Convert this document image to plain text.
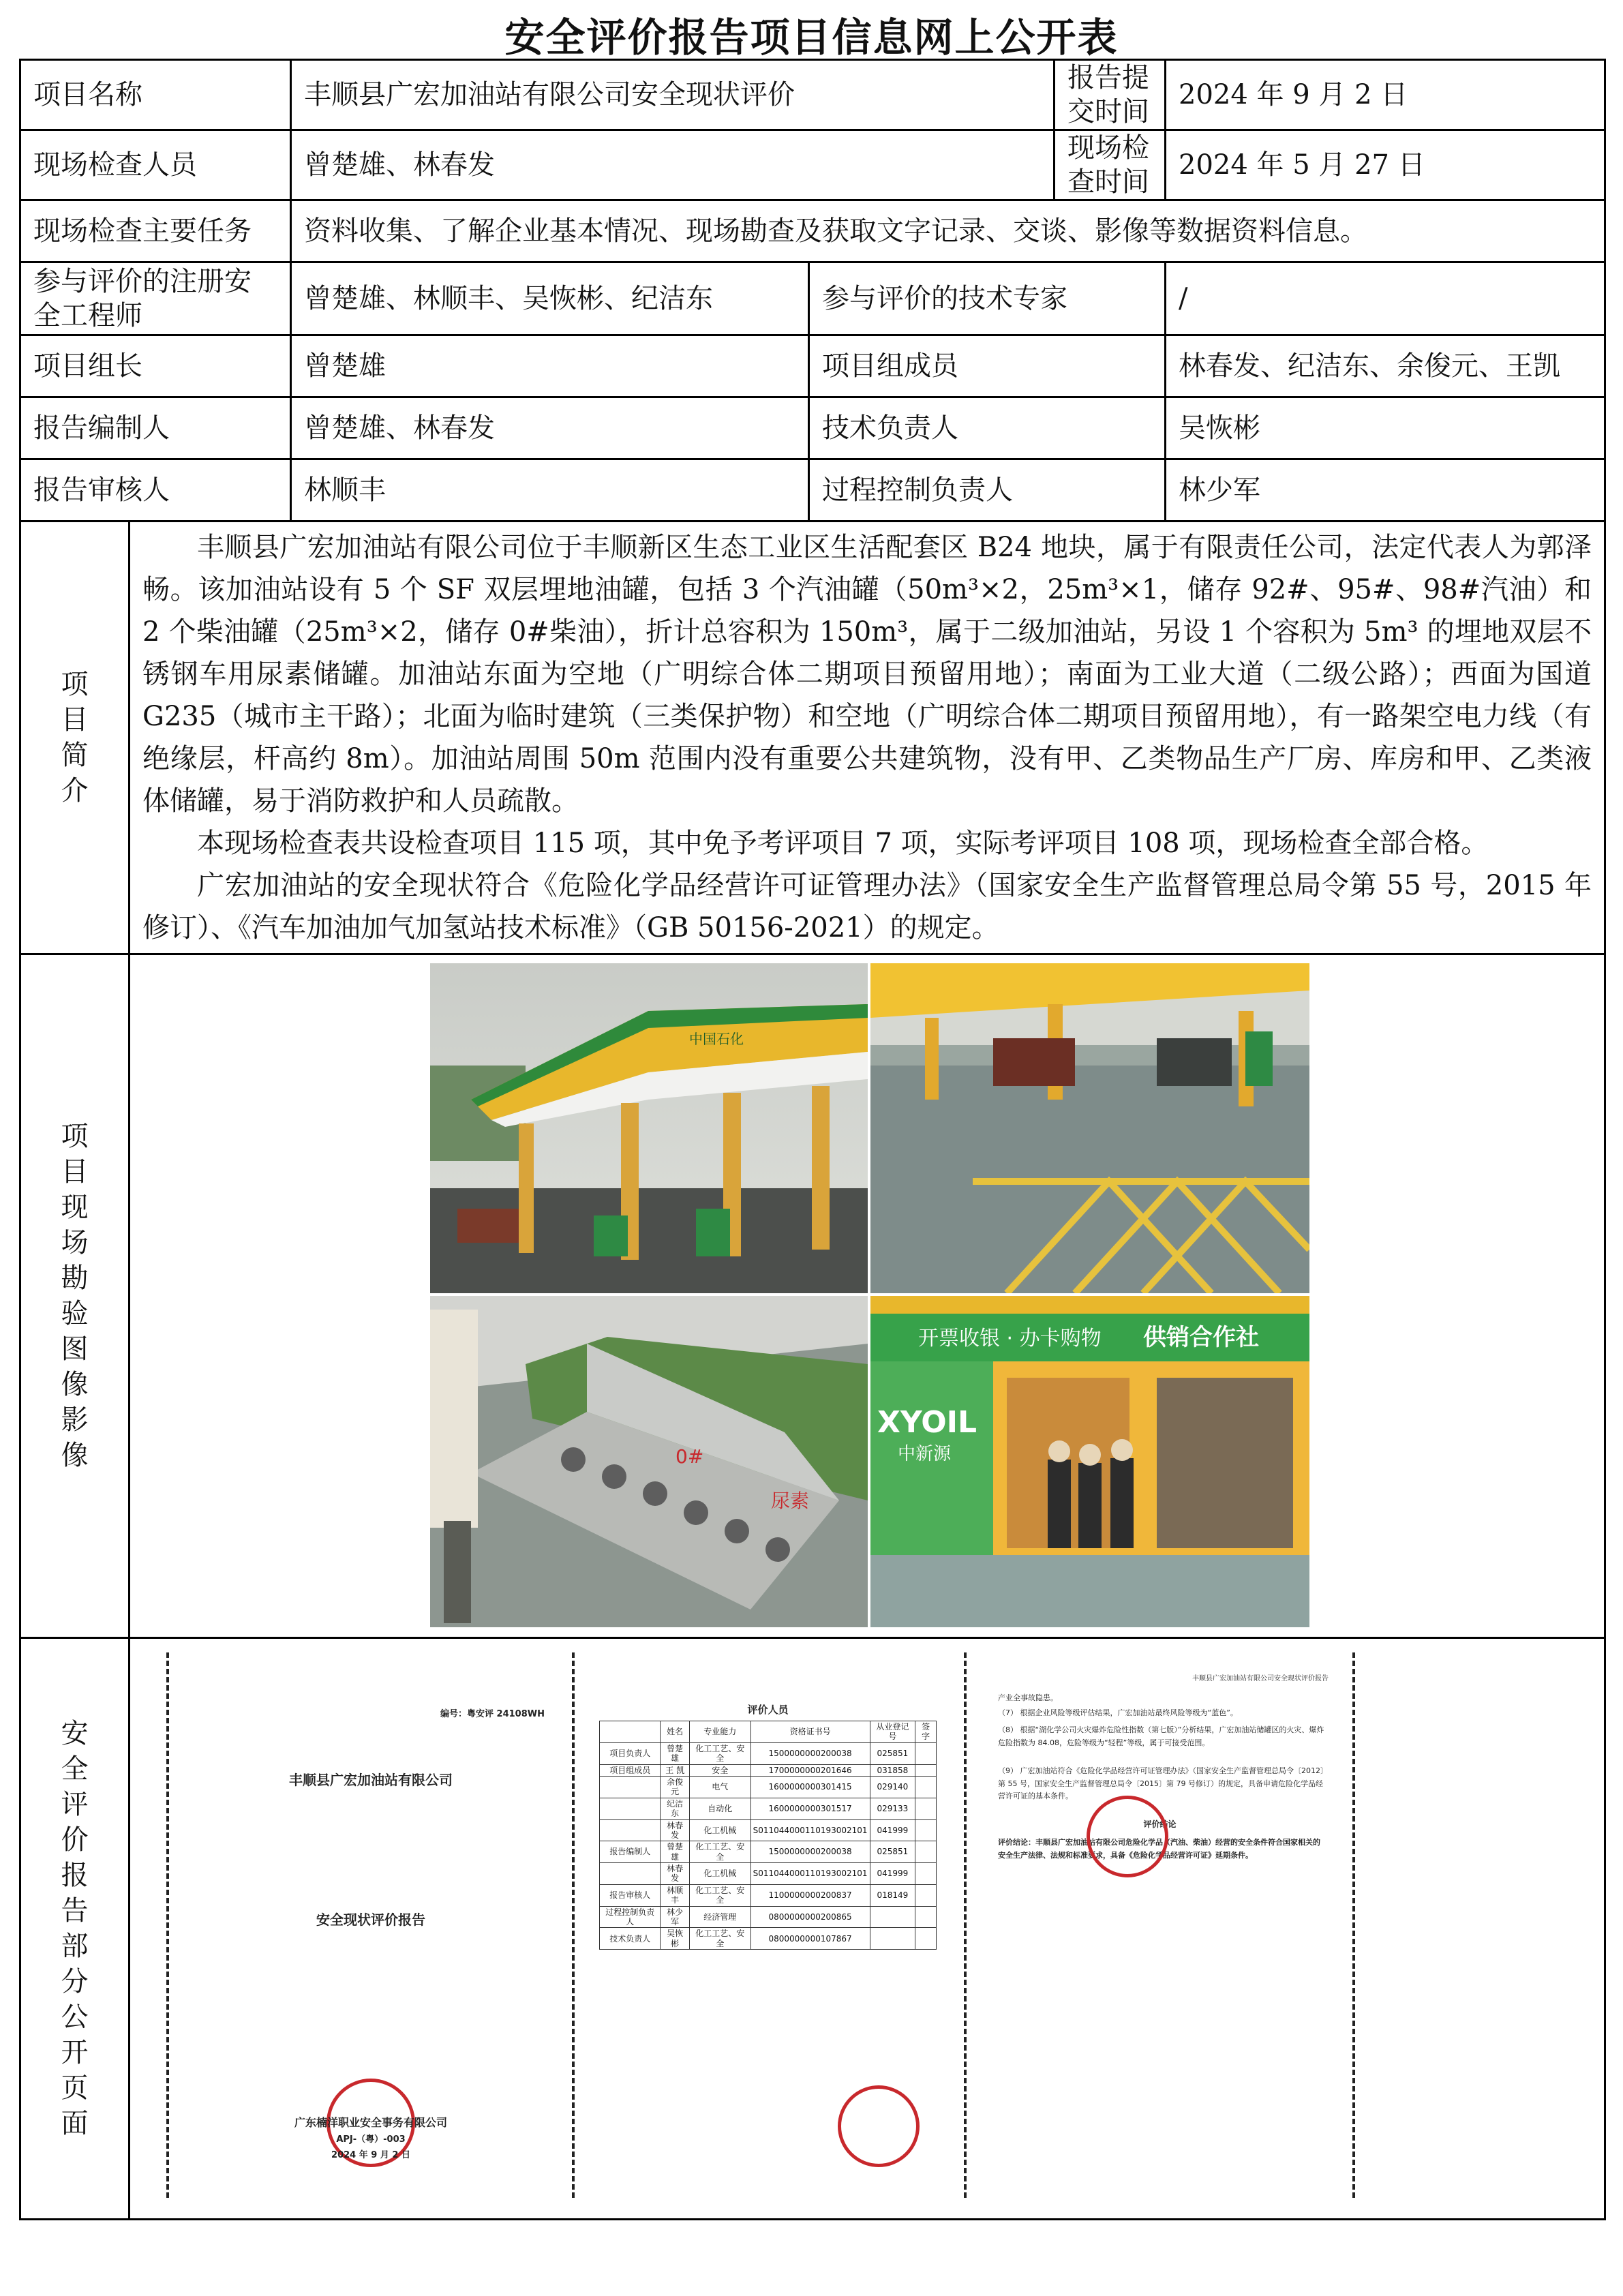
安全评价报告项目信息网上公开表
项目名称	丰顺县广宏加油站有限公司安全现状评价	报告提交时间	2024 年 9 月 2 日
现场检查人员	曾楚雄、林春发	现场检查时间	2024 年 5 月 27 日
现场检查主要任务	资料收集、了解企业基本情况、现场勘查及获取文字记录、交谈、影像等数据资料信息。
参与评价的注册安全工程师	曾楚雄、林顺丰、吴恢彬、纪洁东	参与评价的技术专家	/
项目组长	曾楚雄	项目组成员	林春发、纪洁东、余俊元、王凯
报告编制人	曾楚雄、林春发	技术负责人	吴恢彬
报告审核人	林顺丰	过程控制负责人	林少军

项目简介

丰顺县广宏加油站有限公司位于丰顺新区生态工业区生活配套区 B24 地块，属于有限责任公司，法定代表人为郭泽畅。该加油站设有 5 个 SF 双层埋地油罐，包括 3 个汽油罐（50m³×2，25m³×1，储存 92#、95#、98#汽油）和 2 个柴油罐（25m³×2，储存 0#柴油），折计总容积为 150m³，属于二级加油站，另设 1 个容积为 5m³ 的埋地双层不锈钢车用尿素储罐。加油站东面为空地（广明综合体二期项目预留用地）；南面为工业大道（二级公路）；西面为国道 G235（城市主干路）；北面为临时建筑（三类保护物）和空地（广明综合体二期项目预留用地），有一路架空电力线（有绝缘层，杆高约 8m）。加油站周围 50m 范围内没有重要公共建筑物，没有甲、乙类物品生产厂房、库房和甲、乙类液体储罐，易于消防救护和人员疏散。

本现场检查表共设检查项目 115 项，其中免予考评项目 7 项，实际考评项目 108 项，现场检查全部合格。

广宏加油站的安全现状符合《危险化学品经营许可证管理办法》（国家安全生产监督管理总局令第 55 号，2015 年修订）、《汽车加油加气加氢站技术标准》（GB 50156-2021）的规定。

项目现场勘验图像影像

中国石化
0#
尿素
开票收银 · 办卡购物 供销合作社
XYOIL
中新源

安全评价报告部分公开页面

编号：粤安评 24108WH
丰顺县广宏加油站有限公司
安全现状评价报告
广东楠洋职业安全事务有限公司
APJ-（粤）-003
2024 年 9 月 2 日
评价人员
	姓名	专业能力	资格证书号	从业登记号	签字
项目负责人	曾楚雄	化工工艺、安全	1500000000200038	025851	
项目组成员	王 凯	安全	1700000000201646	031858	
	余俊元	电气	1600000000301415	029140	
	纪洁东	自动化	1600000000301517	029133	
	林春发	化工机械	S011044000110193002101	041999	
报告编制人	曾楚雄	化工工艺、安全	1500000000200038	025851	
	林春发	化工机械	S011044000110193002101	041999	
报告审核人	林顺丰	化工工艺、安全	1100000000200837	018149	
过程控制负责人	林少军	经济管理	0800000000200865		
技术负责人	吴恢彬	化工工艺、安全	0800000000107867		
丰顺县广宏加油站有限公司安全现状评价报告
产业全事故隐患。
（7） 根据企业风险等级评估结果，广宏加油站最终风险等级为“蓝色”。
（8） 根据“湖化学公司火灾爆炸危险性指数（第七版）”分析结果，广宏加油站储罐区的火灾、爆炸危险指数为 84.08，危险等级为“轻程”等级，属于可接受范围。
（9） 广宏加油站符合《危险化学品经营许可证管理办法》（国家安全生产监督管理总局令〔2012〕第 55 号，国家安全生产监督管理总局令〔2015〕第 79 号修订）的规定，具备申请危险化学品经营许可证的基本条件。
评价结论
评价结论：丰顺县广宏加油站有限公司危险化学品（汽油、柴油）经营的安全条件符合国家相关的安全生产法律、法规和标准要求，具备《危险化学品经营许可证》延期条件。
